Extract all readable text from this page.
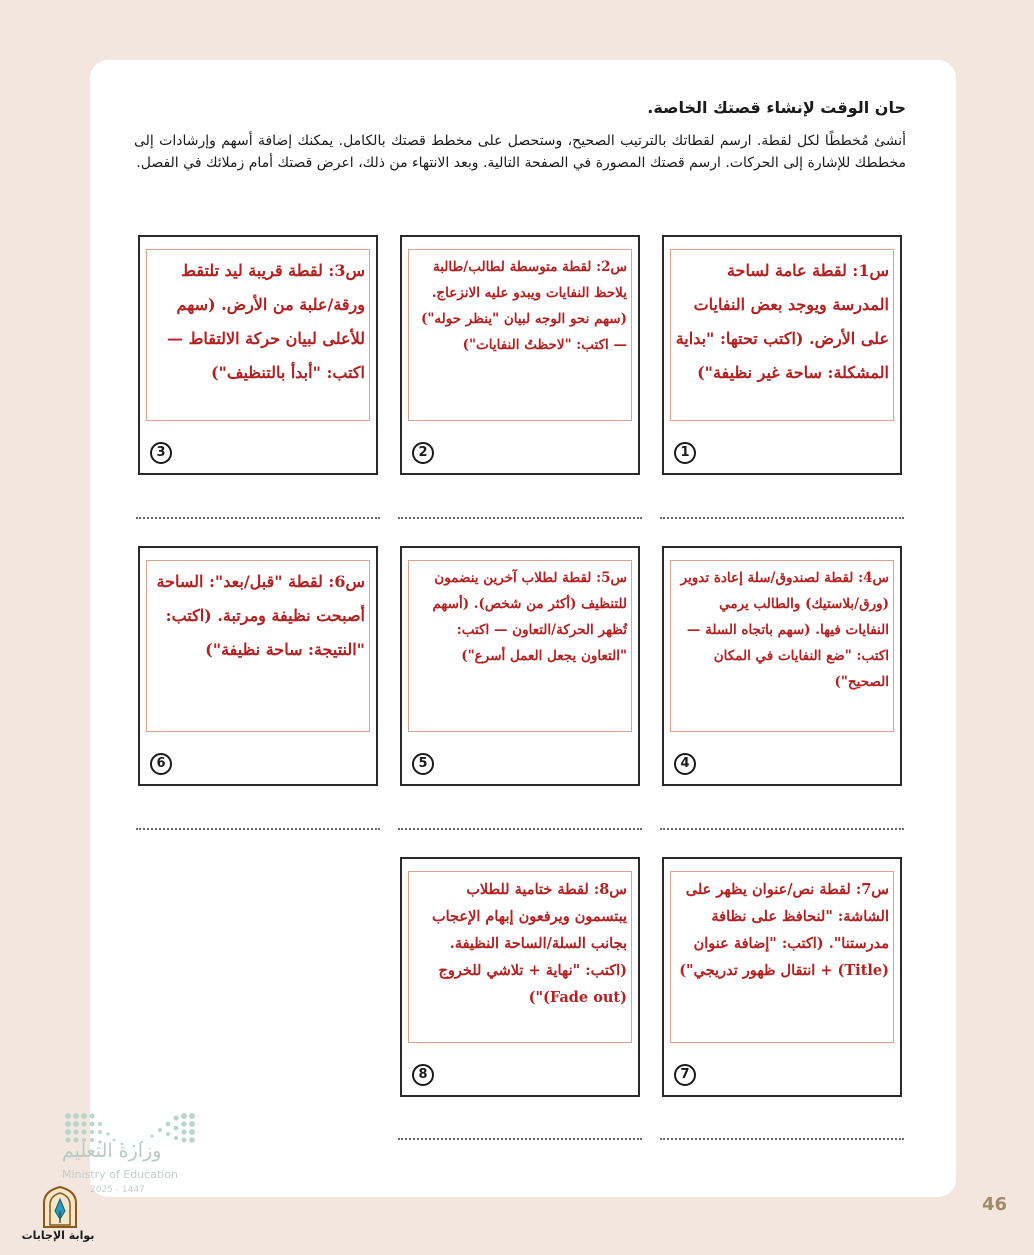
حان الوقت لإنشاء قصتك الخاصة.
أنشئ مُخططًا لكل لقطة. ارسم لقطاتك بالترتيب الصحيح، وستحصل على مخطط قصتك بالكامل. يمكنك إضافة أسهم وإرشادات إلى مخططك للإشارة إلى الحركات. ارسم قصتك المصورة في الصفحة التالية. وبعد الانتهاء من ذلك، اعرض قصتك أمام زملائك في الفصل.
س1: لقطة عامة لساحة المدرسة ويوجد بعض النفايات على الأرض. (اكتب تحتها: "بداية المشكلة: ساحة غير نظيفة")
1
س2: لقطة متوسطة لطالب/طالبة يلاحظ النفايات ويبدو عليه الانزعاج. (سهم نحو الوجه لبيان "ينظر حوله") — اكتب: "لاحظتُ النفايات")
2
س3: لقطة قريبة ليد تلتقط ورقة/علبة من الأرض. (سهم للأعلى لبيان حركة الالتقاط — اكتب: "أبدأ بالتنظيف")
3
س4: لقطة لصندوق/سلة إعادة تدوير (ورق/بلاستيك) والطالب يرمي النفايات فيها. (سهم باتجاه السلة — اكتب: "ضع النفايات في المكان الصحيح")
4
س5: لقطة لطلاب آخرين ينضمون للتنظيف (أكثر من شخص). (أسهم تُظهر الحركة/التعاون — اكتب: "التعاون يجعل العمل أسرع")
5
س6: لقطة "قبل/بعد": الساحة أصبحت نظيفة ومرتبة. (اكتب: "النتيجة: ساحة نظيفة")
6
س7: لقطة نص/عنوان يظهر على الشاشة: "لنحافظ على نظافة مدرستنا". (اكتب: "إضافة عنوان (Title) + انتقال ظهور تدريجي")
7
س8: لقطة ختامية للطلاب يبتسمون ويرفعون إبهام الإعجاب بجانب السلة/الساحة النظيفة. (اكتب: "نهاية + تلاشي للخروج (Fade out)")
8
وزارة التعليم
Ministry of Education
2025 - 1447
بوابة الإجابات
46
